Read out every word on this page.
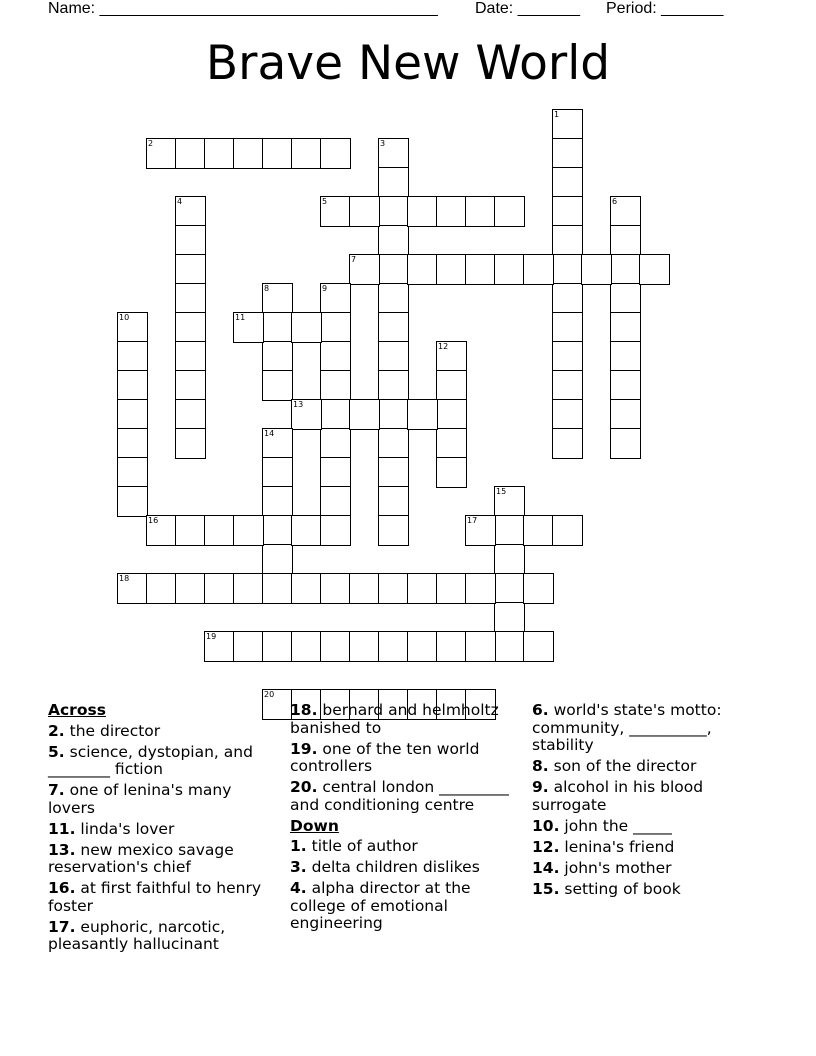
Name: ______________________________________ Date: _______ Period: _______
Brave New World
1
2	3
4	5	6
7
8	9
10	11
12
13
14
15
16	17
18
19
20
Across
2. the director
5. science, dystopian, and ________ fiction
7. one of lenina's many lovers
11. linda's lover
13. new mexico savage reservation's chief
16. at first faithful to henry foster
17. euphoric, narcotic, pleasantly hallucinant
18. bernard and helmholtz banished to
19. one of the ten world controllers
20. central london _________ and conditioning centre
Down
1. title of author
3. delta children dislikes
4. alpha director at the college of emotional engineering
6. world's state's motto: community, __________, stability
8. son of the director
9. alcohol in his blood surrogate
10. john the _____
12. lenina's friend
14. john's mother
15. setting of book
